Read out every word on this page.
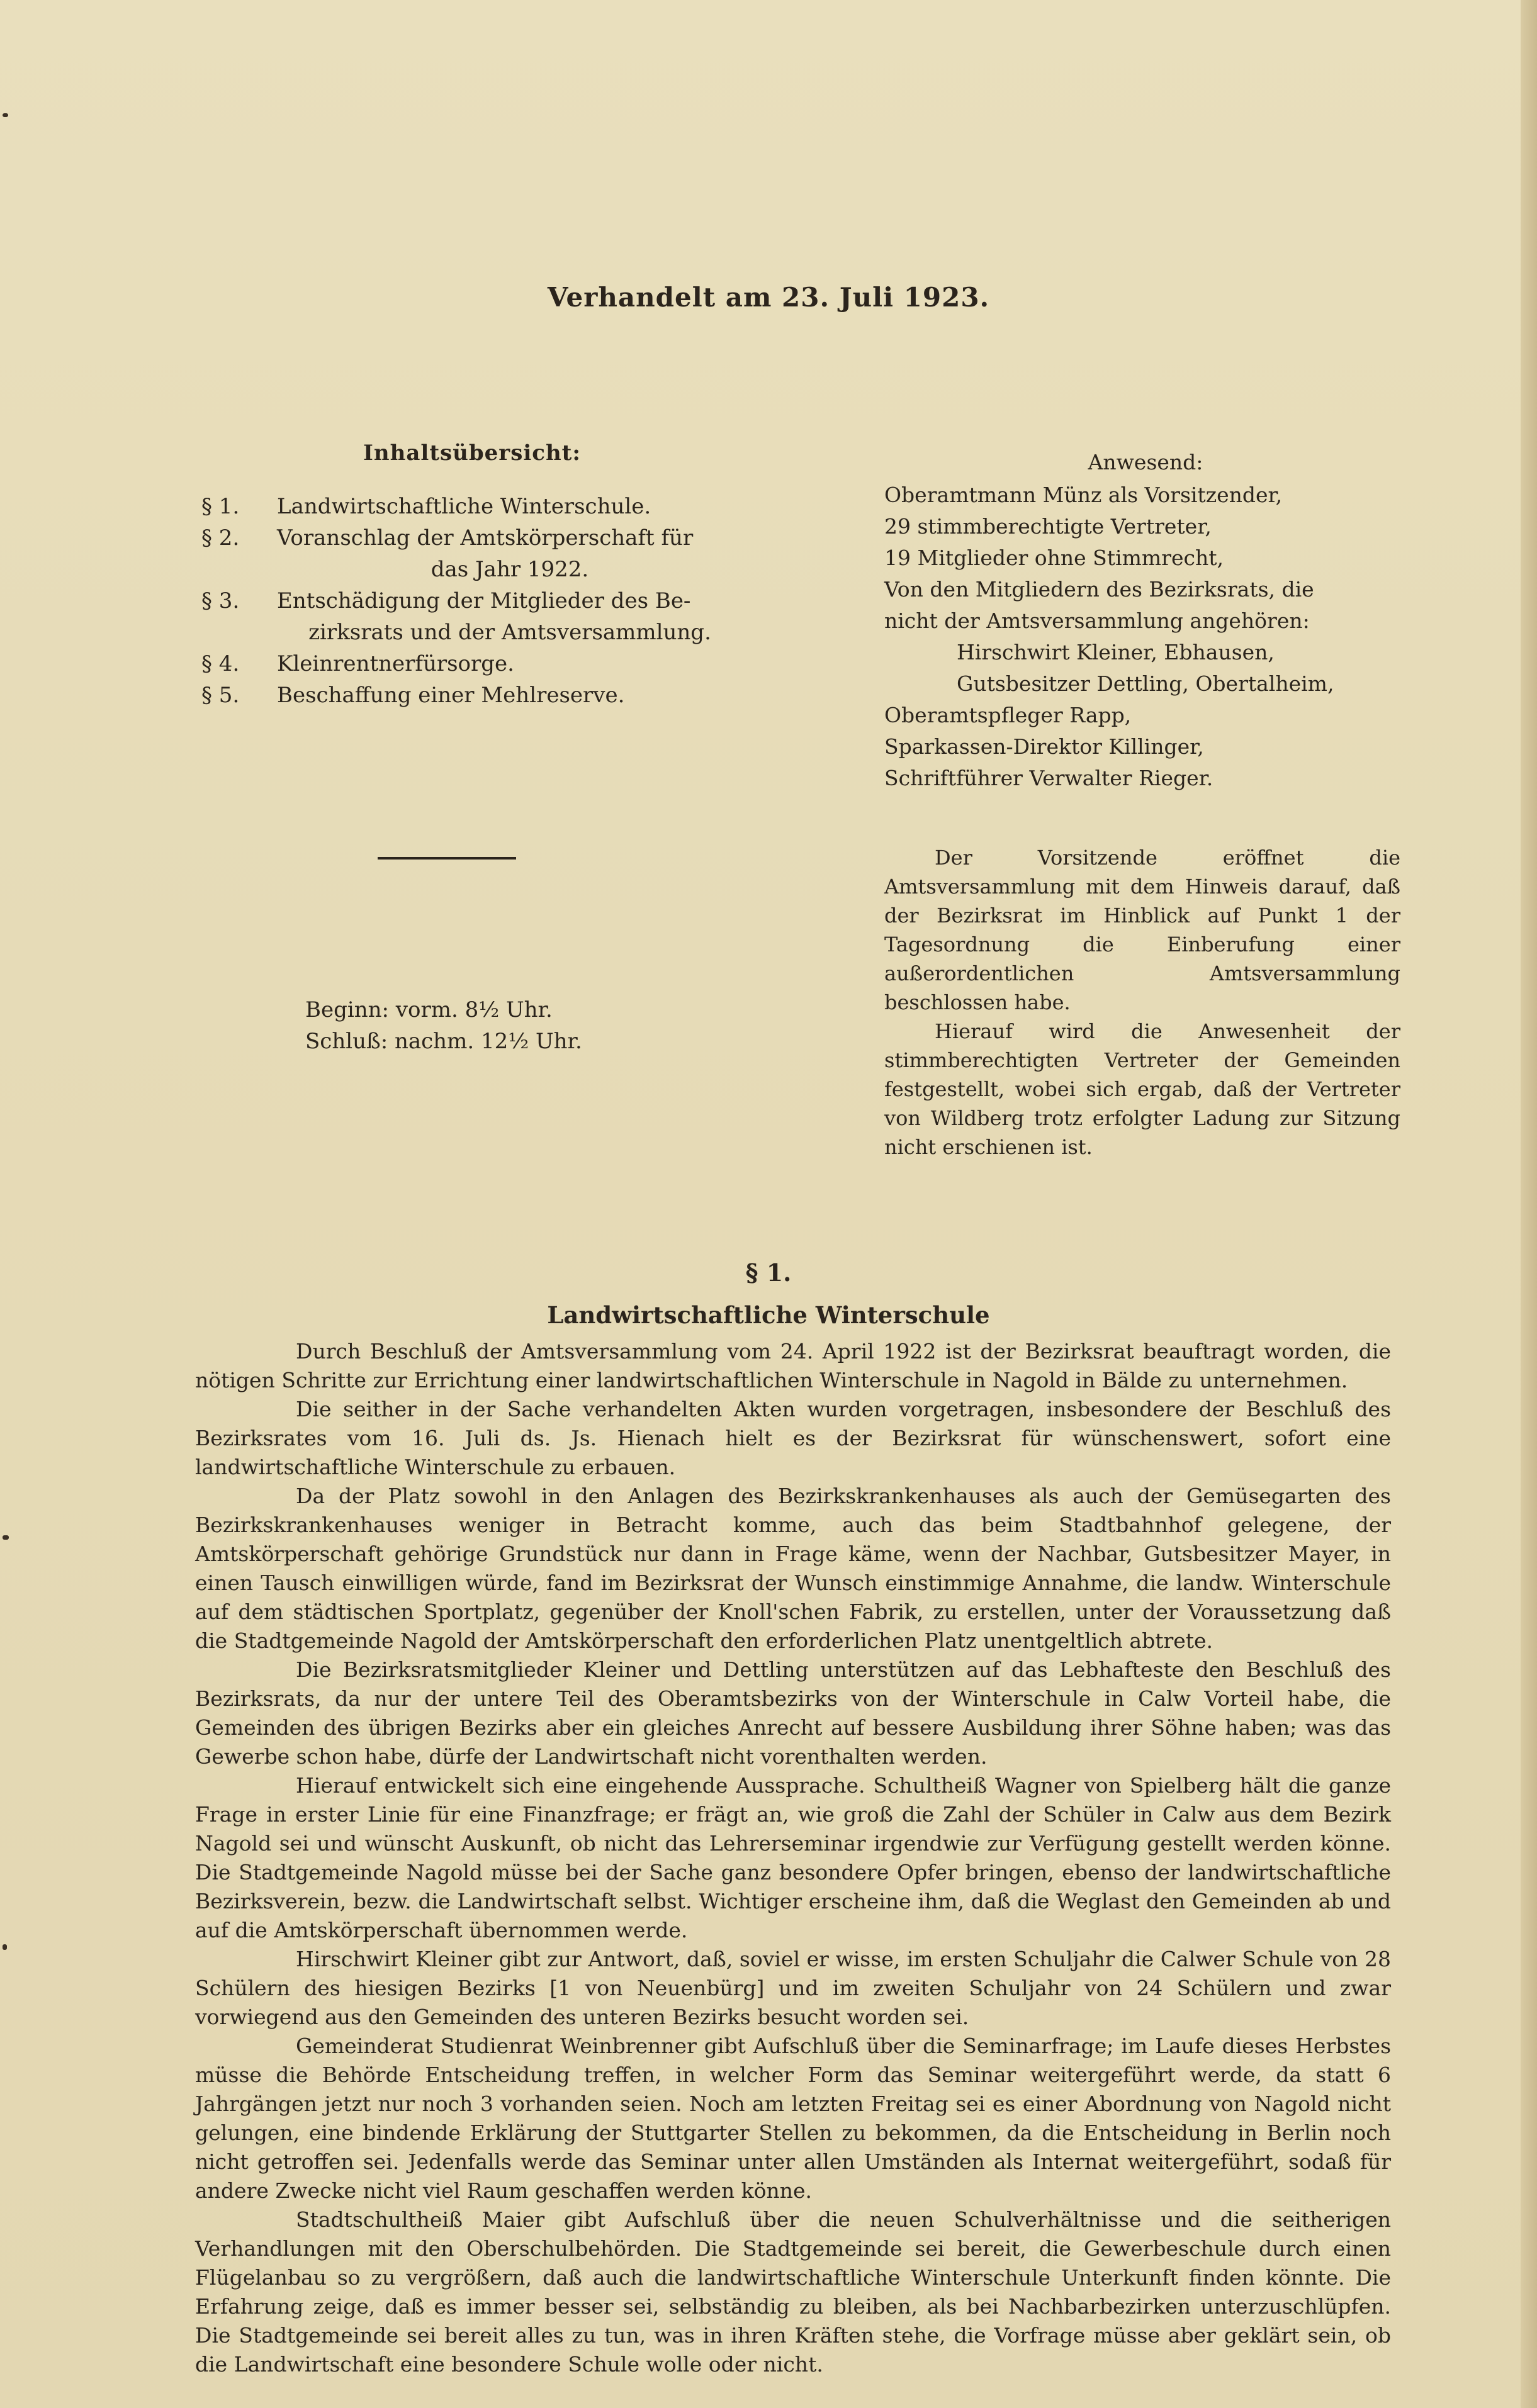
Verhandelt am 23. Juli 1923.
Inhaltsübersicht:
§ 1.	Landwirtschaftliche Winterschule.
§ 2.	Voranschlag der Amtskörperschaft für
das Jahr 1922.
§ 3.	Entschädigung der Mitglieder des Be-
zirksrats und der Amtsversammlung.
§ 4.	Kleinrentnerfürsorge.
§ 5.	Beschaffung einer Mehlreserve.
Anwesend:
Oberamtmann Münz als Vorsitzender,
29 stimmberechtigte Vertreter,
19 Mitglieder ohne Stimmrecht,
Von den Mitgliedern des Bezirksrats, die
nicht der Amtsversammlung angehören:
Hirschwirt Kleiner, Ebhausen,
Gutsbesitzer Dettling, Obertalheim,
Oberamtspfleger Rapp,
Sparkassen-Direktor Killinger,
Schriftführer Verwalter Rieger.
Beginn: vorm. 8½ Uhr.
Schluß: nachm. 12½ Uhr.

Der Vorsitzende eröffnet die Amtsversammlung mit dem Hinweis darauf, daß der Bezirksrat im Hinblick auf Punkt 1 der Tagesordnung die Einberufung einer außerordentlichen Amtsversammlung beschlossen habe.

Hierauf wird die Anwesenheit der stimmberechtigten Vertreter der Gemeinden festgestellt, wobei sich ergab, daß der Vertreter von Wildberg trotz erfolgter Ladung zur Sitzung nicht erschienen ist.

§ 1.
Landwirtschaftliche Winterschule

Durch Beschluß der Amtsversammlung vom 24. April 1922 ist der Bezirksrat beauftragt worden, die nötigen Schritte zur Errichtung einer landwirtschaftlichen Winterschule in Nagold in Bälde zu unternehmen.

Die seither in der Sache verhandelten Akten wurden vorgetragen, insbesondere der Beschluß des Bezirksrates vom 16. Juli ds. Js. Hienach hielt es der Bezirksrat für wünschenswert, sofort eine landwirtschaftliche Winterschule zu erbauen.

Da der Platz sowohl in den Anlagen des Bezirkskrankenhauses als auch der Gemüsegarten des Bezirkskrankenhauses weniger in Betracht komme, auch das beim Stadtbahnhof gelegene, der Amtskörperschaft gehörige Grundstück nur dann in Frage käme, wenn der Nachbar, Gutsbesitzer Mayer, in einen Tausch einwilligen würde, fand im Bezirksrat der Wunsch einstimmige Annahme, die landw. Winterschule auf dem städtischen Sportplatz, gegenüber der Knoll'schen Fabrik, zu erstellen, unter der Voraussetzung daß die Stadtgemeinde Nagold der Amtskörperschaft den erforderlichen Platz unentgeltlich abtrete.

Die Bezirksratsmitglieder Kleiner und Dettling unterstützen auf das Lebhafteste den Beschluß des Bezirksrats, da nur der untere Teil des Oberamtsbezirks von der Winterschule in Calw Vorteil habe, die Gemeinden des übrigen Bezirks aber ein gleiches Anrecht auf bessere Ausbildung ihrer Söhne haben; was das Gewerbe schon habe, dürfe der Landwirtschaft nicht vorenthalten werden.

Hierauf entwickelt sich eine eingehende Aussprache. Schultheiß Wagner von Spielberg hält die ganze Frage in erster Linie für eine Finanzfrage; er frägt an, wie groß die Zahl der Schüler in Calw aus dem Bezirk Nagold sei und wünscht Auskunft, ob nicht das Lehrerseminar irgendwie zur Verfügung gestellt werden könne. Die Stadtgemeinde Nagold müsse bei der Sache ganz besondere Opfer bringen, ebenso der landwirtschaftliche Bezirksverein, bezw. die Landwirtschaft selbst. Wichtiger erscheine ihm, daß die Weglast den Gemeinden ab und auf die Amtskörperschaft übernommen werde.

Hirschwirt Kleiner gibt zur Antwort, daß, soviel er wisse, im ersten Schuljahr die Calwer Schule von 28 Schülern des hiesigen Bezirks [1 von Neuenbürg] und im zweiten Schuljahr von 24 Schülern und zwar vorwiegend aus den Gemeinden des unteren Bezirks besucht worden sei.

Gemeinderat Studienrat Weinbrenner gibt Aufschluß über die Seminarfrage; im Laufe dieses Herbstes müsse die Behörde Entscheidung treffen, in welcher Form das Seminar weitergeführt werde, da statt 6 Jahrgängen jetzt nur noch 3 vorhanden seien. Noch am letzten Freitag sei es einer Abordnung von Nagold nicht gelungen, eine bindende Erklärung der Stuttgarter Stellen zu bekommen, da die Entscheidung in Berlin noch nicht getroffen sei. Jedenfalls werde das Seminar unter allen Umständen als Internat weitergeführt, sodaß für andere Zwecke nicht viel Raum geschaffen werden könne.

Stadtschultheiß Maier gibt Aufschluß über die neuen Schulverhältnisse und die seitherigen Verhandlungen mit den Oberschulbehörden. Die Stadtgemeinde sei bereit, die Gewerbeschule durch einen Flügelanbau so zu vergrößern, daß auch die landwirtschaftliche Winterschule Unterkunft finden könnte. Die Erfahrung zeige, daß es immer besser sei, selbständig zu bleiben, als bei Nachbarbezirken unterzuschlüpfen. Die Stadtgemeinde sei bereit alles zu tun, was in ihren Kräften stehe, die Vorfrage müsse aber geklärt sein, ob die Landwirtschaft eine besondere Schule wolle oder nicht.
